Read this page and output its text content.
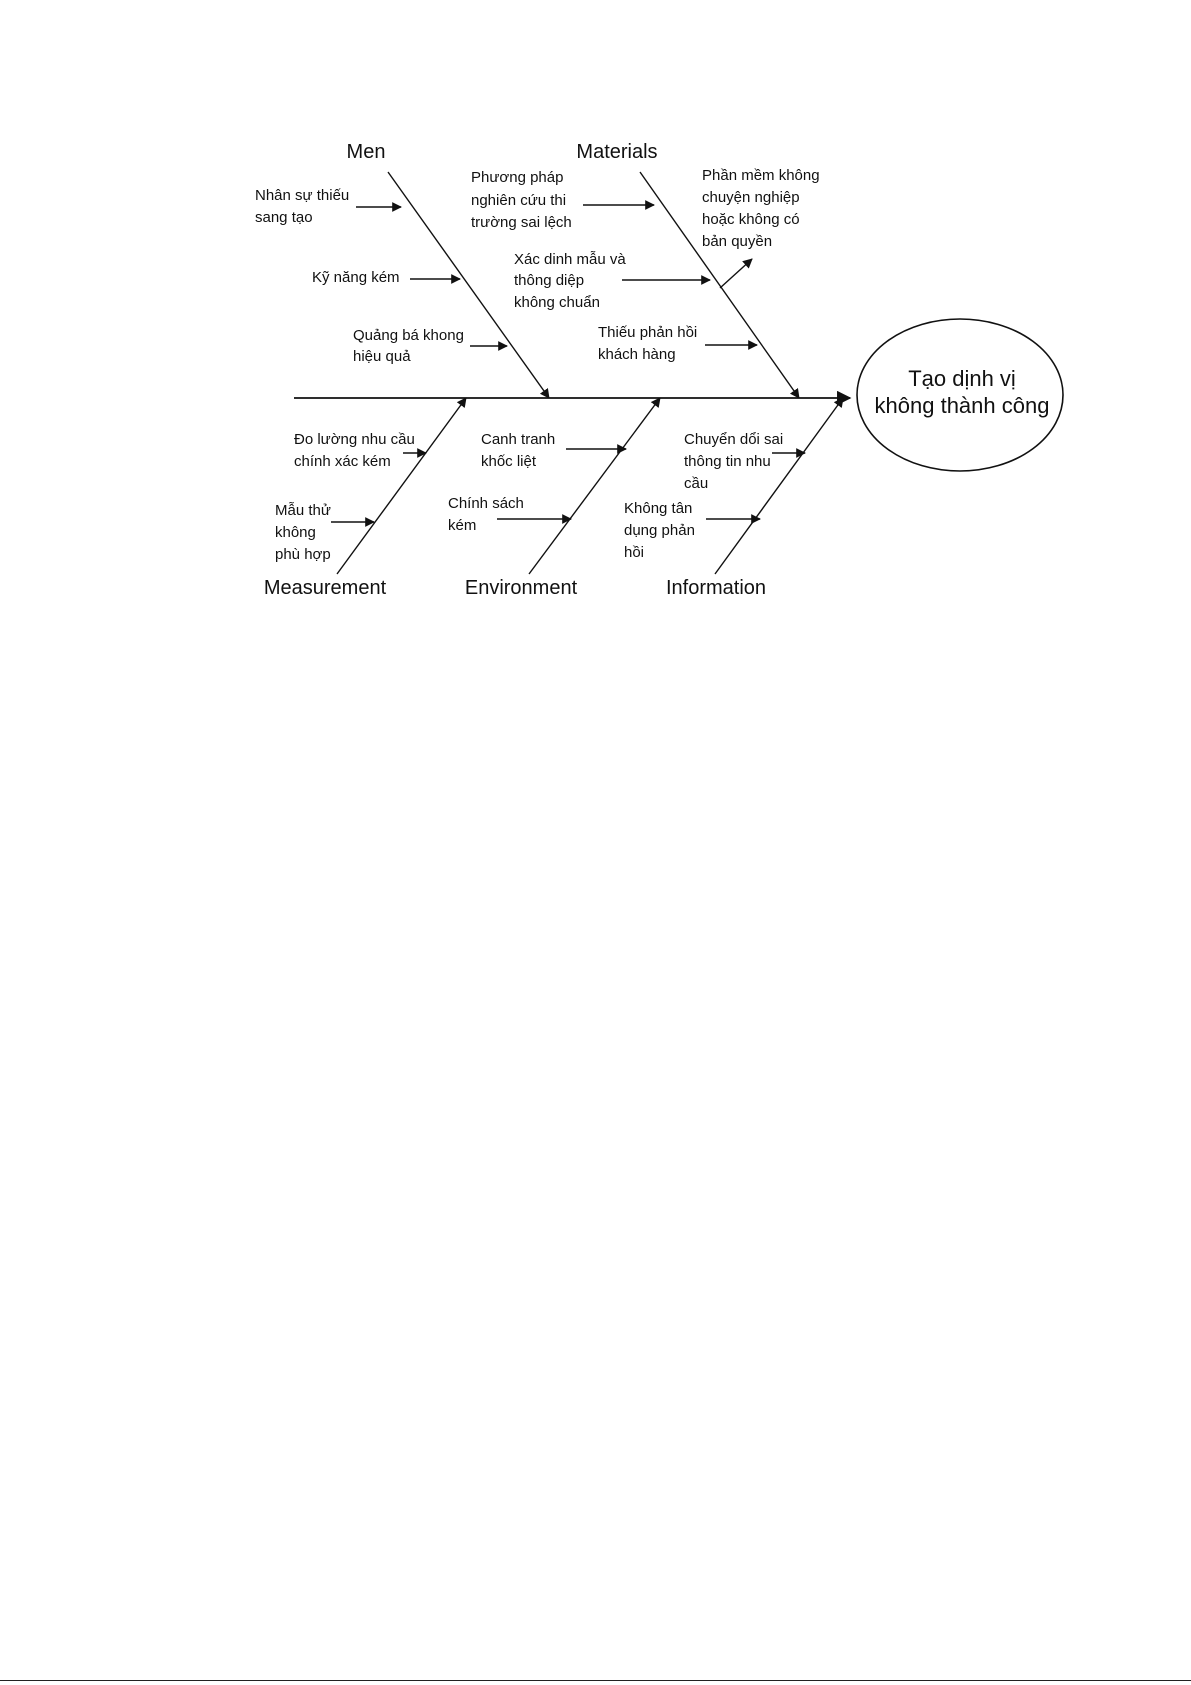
Tạo dịnh vị
không thành công
Men	Materials
Measurement	Environment	Information
Nhân sự thiếu
sang tạo
Kỹ năng kém
Quảng bá khong
hiệu quả
Phương pháp
nghiên cứu thi
trường sai lệch
Xác dinh mẫu và
thông diệp
không chuẩn
Thiếu phản hồi
khách hàng
Phần mềm không
chuyện nghiệp
hoặc không có
bản quyền
Đo lường nhu cầu
chính xác kém
Mẫu thử
không
phù hợp
Canh tranh
khốc liệt
Chính sách
kém
Chuyển dổi sai
thông tin nhu
cầu
Không tân
dụng phản
hồi
